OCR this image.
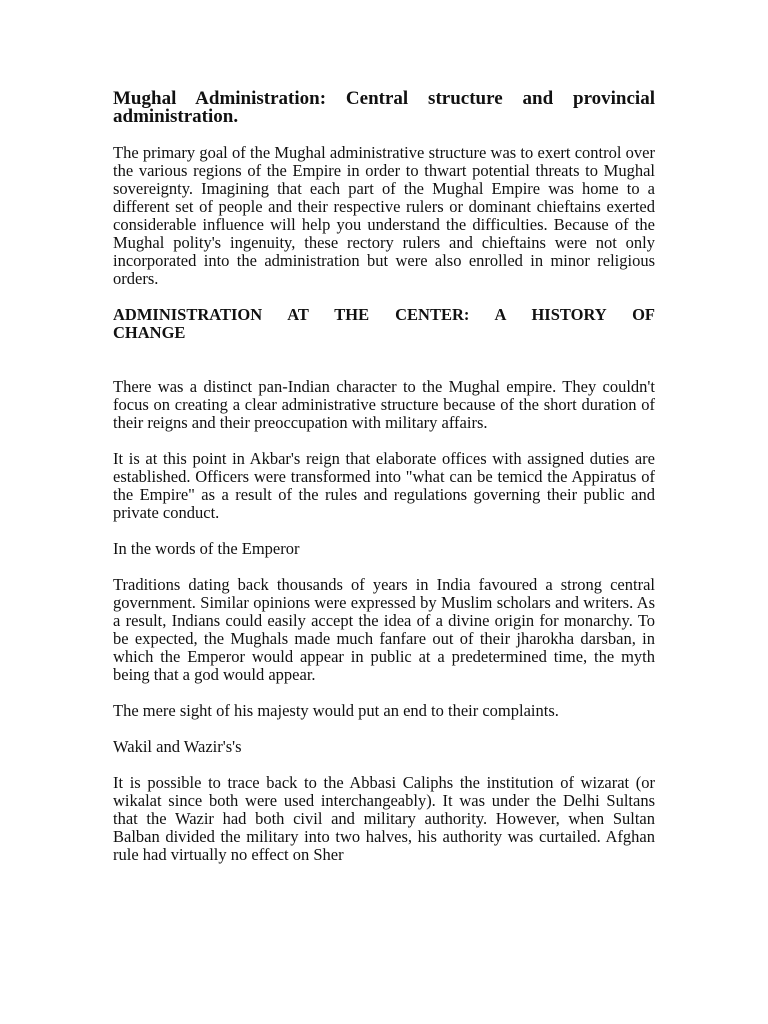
Mughal Administration: Central structure and provincial administration.

The primary goal of the Mughal administrative structure was to exert control over the various regions of the Empire in order to thwart potential threats to Mughal sovereignty. Imagining that each part of the Mughal Empire was home to a different set of people and their respective rulers or dominant chieftains exerted considerable influence will help you understand the difficulties. Because of the Mughal polity's ingenuity, these rectory rulers and chieftains were not only incorporated into the administration but were also enrolled in minor religious orders.

ADMINISTRATION AT THE CENTER: A HISTORY OF CHANGE

There was a distinct pan-Indian character to the Mughal empire. They couldn't focus on creating a clear administrative structure because of the short duration of their reigns and their preoccupation with military affairs.

It is at this point in Akbar's reign that elaborate offices with assigned duties are established. Officers were transformed into "what can be temicd the Appiratus of the Empire" as a result of the rules and regulations governing their public and private conduct.

In the words of the Emperor

Traditions dating back thousands of years in India favoured a strong central government. Similar opinions were expressed by Muslim scholars and writers. As a result, Indians could easily accept the idea of a divine origin for monarchy. To be expected, the Mughals made much fanfare out of their jharokha darsban, in which the Emperor would appear in public at a predetermined time, the myth being that a god would appear.

The mere sight of his majesty would put an end to their complaints.

Wakil and Wazir's's

It is possible to trace back to the Abbasi Caliphs the institution of wizarat (or wikalat since both were used interchangeably). It was under the Delhi Sultans that the Wazir had both civil and military authority. However, when Sultan Balban divided the military into two halves, his authority was curtailed. Afghan rule had virtually no effect on Sher
